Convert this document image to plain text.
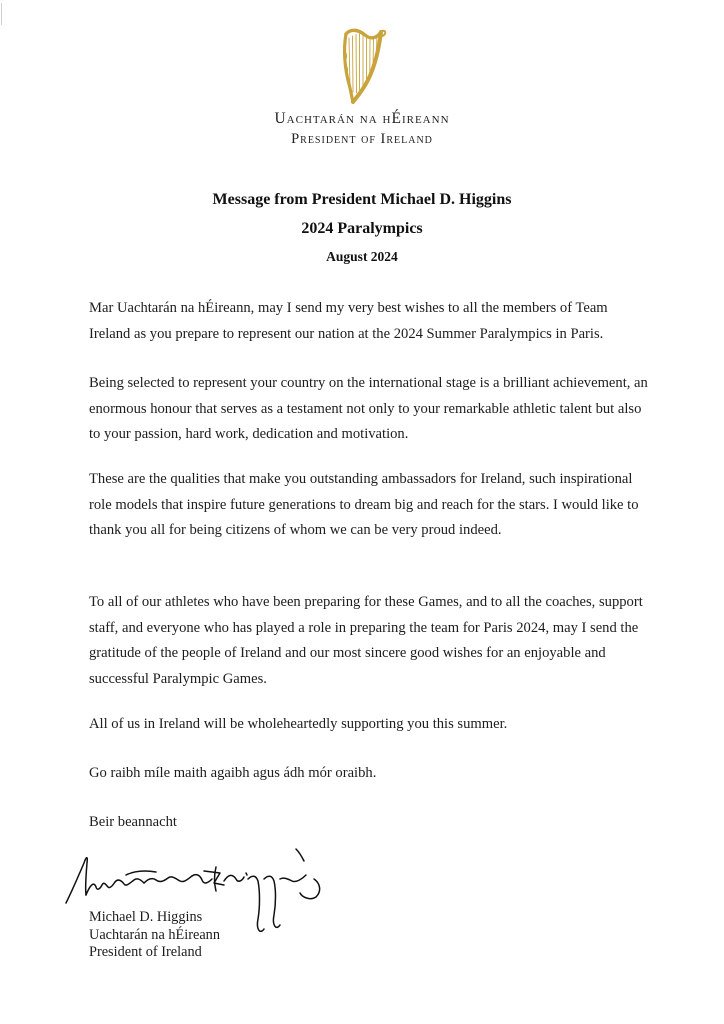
Uachtarán na hÉireann
President of Ireland
Message from President Michael D. Higgins
2024 Paralympics
August 2024
Mar Uachtarán na hÉireann, may I send my very best wishes to all the members of Team Ireland as you prepare to represent our nation at the 2024 Summer Paralympics in Paris.
Being selected to represent your country on the international stage is a brilliant achievement, an enormous honour that serves as a testament not only to your remarkable athletic talent but also to your passion, hard work, dedication and motivation.
These are the qualities that make you outstanding ambassadors for Ireland, such inspirational role models that inspire future generations to dream big and reach for the stars. I would like to thank you all for being citizens of whom we can be very proud indeed.
To all of our athletes who have been preparing for these Games, and to all the coaches, support staff, and everyone who has played a role in preparing the team for Paris 2024, may I send the gratitude of the people of Ireland and our most sincere good wishes for an enjoyable and successful Paralympic Games.
All of us in Ireland will be wholeheartedly supporting you this summer.
Go raibh míle maith agaibh agus ádh mór oraibh.
Beir beannacht
Michael D. Higgins
Uachtarán na hÉireann
President of Ireland
